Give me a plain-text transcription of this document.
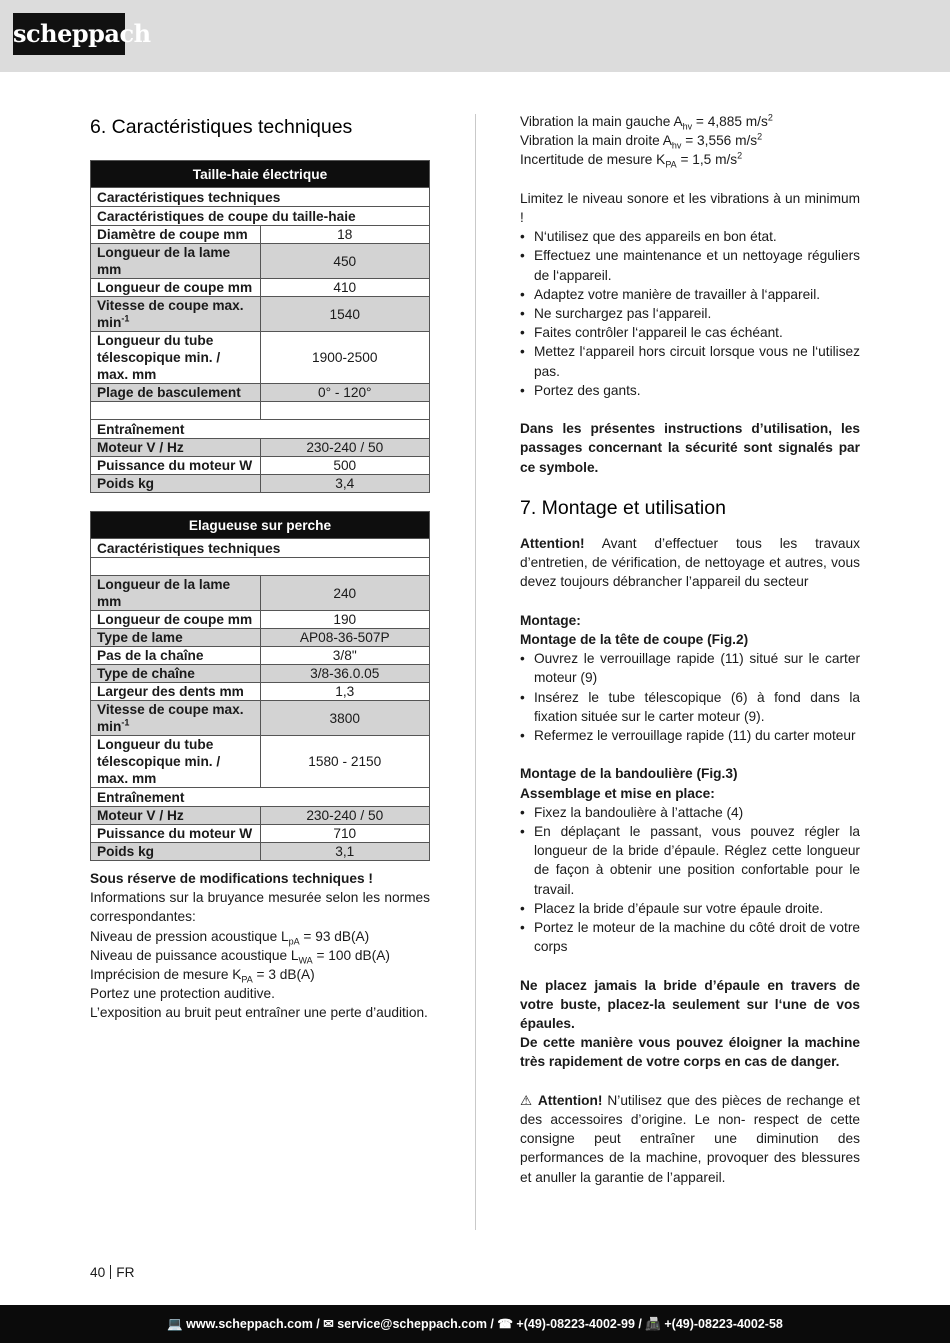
scheppach
6. Caractéristiques techniques
Taille-haie électrique	
Caractéristiques techniques	
Caractéristiques de coupe du taille-haie	
Diamètre de coupe mm	18
Longueur de la lame mm	450
Longueur de coupe mm	410
Vitesse de coupe max. $\min^{-1}$	1540
Longueur du tube télescopique min. / max. mm	1900-2500
Plage de basculement	0° - 120°

Entraînement	
Moteur V / Hz	230-240 / 50
Puissance du moteur W	500
Poids kg	3,4
Elagueuse sur perche	
Caractéristiques techniques	

Longueur de la lame mm	240
Longueur de coupe mm	190
Type de lame	AP08-36-507P
Pas de la chaîne	3/8"
Type de chaîne	3/8-36.0.05
Largeur des dents mm	1,3
Vitesse de coupe max. $\min^{-1}$	3800
Longueur du tube télescopique min. / max. mm	1580 - 2150
Entraînement	
Moteur V / Hz	230-240 / 50
Puissance du moteur W	710
Poids kg	3,1

Sous réserve de modifications techniques !

Informations sur la bruyance mesurée selon les normes correspondantes:

Niveau de pression acoustique $L_{pA} = 93$ dB(A)

Niveau de puissance acoustique $L_{WA} = 100$ dB(A)

Imprécision de mesure $K_{PA} = 3$ dB(A)

Portez une protection auditive.

L’exposition au bruit peut entraîner une perte d’audition.

Vibration la main gauche $A_{hv} = 4,885$ $m/s^2$

Vibration la main droite $A_{hv} = 3,556$ $m/s^2$

Incertitude de mesure $K_{PA} = 1,5$ $m/s^2$

Limitez le niveau sonore et les vibrations à un minimum !

• N‘utilisez que des appareils en bon état.
• Effectuez une maintenance et un nettoyage réguliers de l‘appareil.
• Adaptez votre manière de travailler à l‘appareil.
• Ne surchargez pas l‘appareil.
• Faites contrôler l‘appareil le cas échéant.
• Mettez l‘appareil hors circuit lorsque vous ne l‘utilisez pas.
• Portez des gants.

Dans les présentes instructions d’utilisation, les passages concernant la sécurité sont signalés par ce symbole.

7. Montage et utilisation

Attention! Avant d’effectuer tous les travaux d’entretien, de vérification, de nettoyage et autres, vous devez toujours débrancher l’appareil du secteur

Montage:

Montage de la tête de coupe (Fig.2)

• Ouvrez le verrouillage rapide (11) situé sur le carter moteur (9)
• Insérez le tube télescopique (6) à fond dans la fixation située sur le carter moteur (9).
• Refermez le verrouillage rapide (11) du carter moteur

Montage de la bandoulière (Fig.3)

Assemblage et mise en place:

• Fixez la bandoulière à l’attache (4)
• En déplaçant le passant, vous pouvez régler la longueur de la bride d’épaule. Réglez cette longueur de façon à obtenir une position confortable pour le travail.
• Placez la bride d’épaule sur votre épaule droite.
• Portez le moteur de la machine du côté droit de votre corps

Ne placez jamais la bride d’épaule en travers de votre buste, placez-la seulement sur l‘une de vos épaules.

De cette manière vous pouvez éloigner la machine très rapidement de votre corps en cas de danger.

⚠ Attention! N’utilisez que des pièces de rechange et des accessoires d’origine. Le non- respect de cette consigne peut entraîner une diminution des performances de la machine, provoquer des blessures et anuller la garantie de l’appareil.

40 FR
💻 www.scheppach.com / ✉ service@scheppach.com / ☎ +(49)-08223-4002-99 / 📠 +(49)-08223-4002-58
